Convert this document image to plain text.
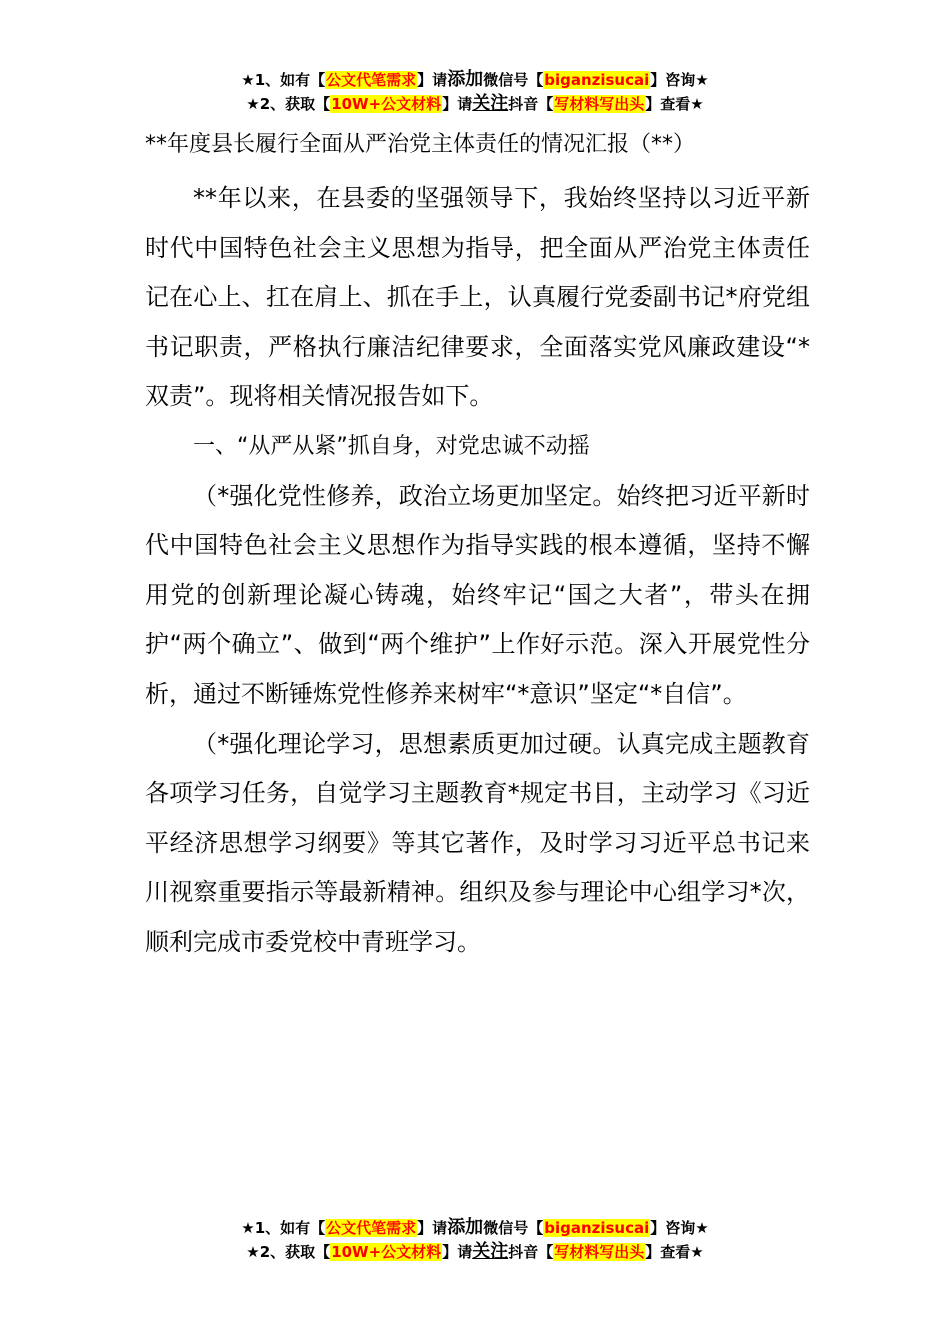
★1、如有【公文代笔需求】请添加微信号【biganzisucai】咨询★
★2、获取【10W+公文材料】请关注抖音【写材料写出头】查看★
**年度县长履行全面从严治党主体责任的情况汇报（**）

**年以来，在县委的坚强领导下，我始终坚持以习近平新时代中国特色社会主义思想为指导，把全面从严治党主体责任记在心上、扛在肩上、抓在手上，认真履行党委副书记*府党组书记职责，严格执行廉洁纪律要求，全面落实党风廉政建设“*双责”。现将相关情况报告如下。

一、“从严从紧”抓自身，对党忠诚不动摇

（*强化党性修养，政治立场更加坚定。始终把习近平新时代中国特色社会主义思想作为指导实践的根本遵循，坚持不懈用党的创新理论凝心铸魂，始终牢记“国之大者”，带头在拥护“两个确立”、做到“两个维护”上作好示范。深入开展党性分析，通过不断锤炼党性修养来树牢“*意识”坚定“*自信”。

（*强化理论学习，思想素质更加过硬。认真完成主题教育各项学习任务，自觉学习主题教育*规定书目，主动学习《习近平经济思想学习纲要》等其它著作，及时学习习近平总书记来川视察重要指示等最新精神。组织及参与理论中心组学习*次，顺利完成市委党校中青班学习。

★1、如有【公文代笔需求】请添加微信号【biganzisucai】咨询★
★2、获取【10W+公文材料】请关注抖音【写材料写出头】查看★
